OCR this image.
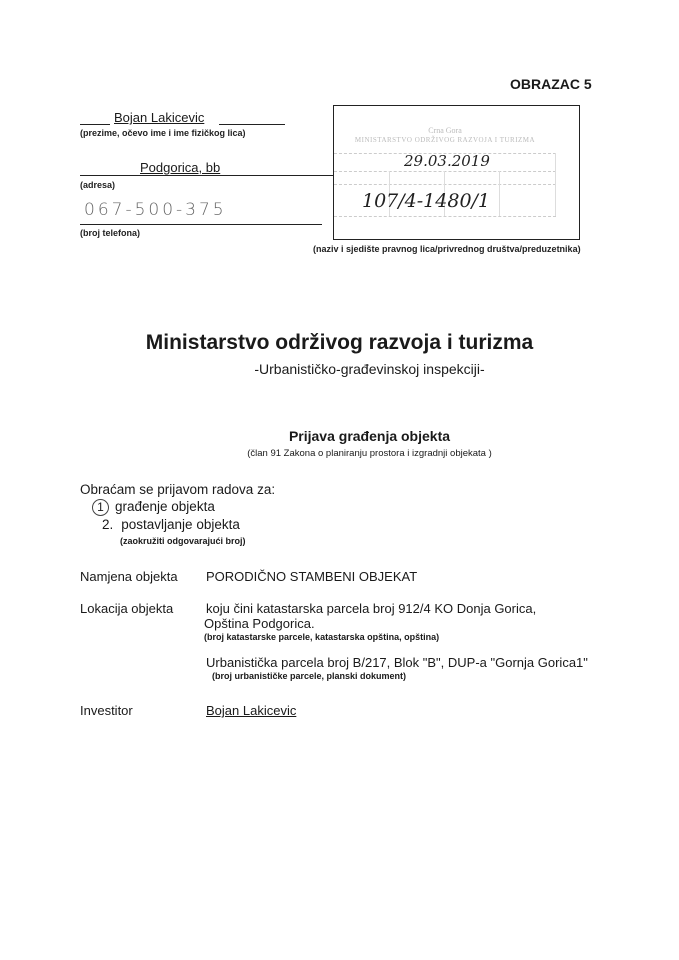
OBRAZAC 5
Bojan Lakicevic
(prezime, očevo ime i ime fizičkog lica)
Podgorica, bb
(adresa)
067-500-375
(broj telefona)
Crna Gora
MINISTARSTVO ODRŽIVOG RAZVOJA I TURIZMA
29.03.2019
107/4-1480/1
(naziv i sjedište pravnog lica/privrednog društva/preduzetnika)
Ministarstvo održivog razvoja i turizma
-Urbanističko-građevinskoj inspekciji-
Prijava građenja objekta
(član 91 Zakona o planiranju prostora i izgradnji objekata )
Obraćam se prijavom radova za:
1 građenje objekta
2. postavljanje objekta
(zaokružiti odgovarajući broj)
Namjena objekta PORODIČNO STAMBENI OBJEKAT
Lokacija objekta	koju čini katastarska parcela broj 912/4 KO Donja Gorica,
Opština Podgorica.
(broj katastarske parcele, katastarska opština, opština)
Urbanistička parcela broj B/217, Blok "B", DUP-a "Gornja Gorica1"
(broj urbanističke parcele, planski dokument)
Investitor	Bojan Lakicevic
